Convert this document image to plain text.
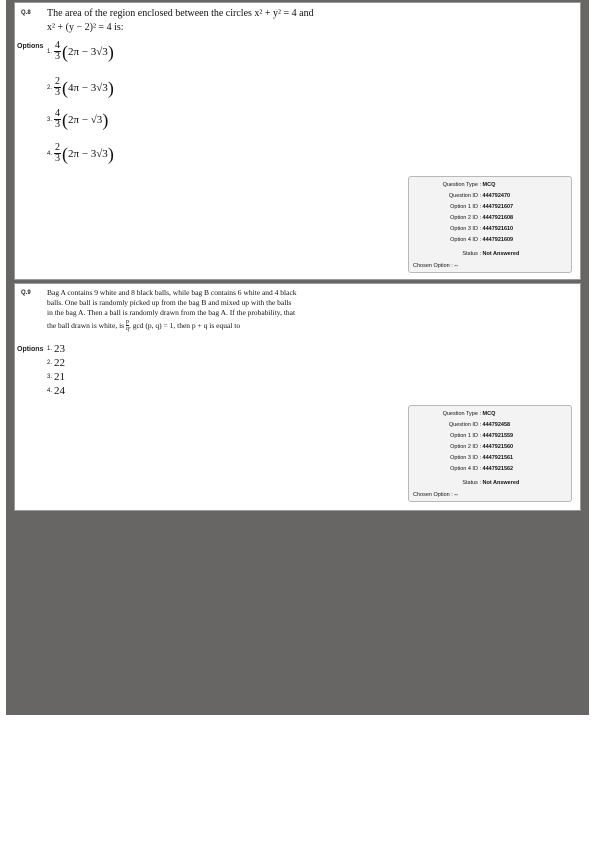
Q.8 The area of the region enclosed between the circles x² + y² = 4 and
x² + (y − 2)² = 4 is:
Options
1. $\frac{4}{3}$ ( 2π − 3√3 )
2. $\frac{2}{3}$ ( 4π − 3√3 )
3. $\frac{4}{3}$ ( 2π − √3 )
4. $\frac{2}{3}$ ( 2π − 3√3 )
Question Type : MCQ
Question ID : 444792470
Option 1 ID : 4447921607
Option 2 ID : 4447921608
Option 3 ID : 4447921610
Option 4 ID : 4447921609
Status : Not Answered
Chosen Option : --
Q.9 Bag A contains 9 white and 8 black balls, while bag B contains 6 white and 4 black
balls. One ball is randomly picked up from the bag B and mixed up with the balls
in the bag A. Then a ball is randomly drawn from the bag A. If the probability, that
the ball drawn is white, is
p
q , gcd (p, q) = 1, then p + q is equal to
Options 1. 23
2. 22
3. 21
4. 24
Question Type : MCQ
Question ID : 444792458
Option 1 ID : 4447921559
Option 2 ID : 4447921560
Option 3 ID : 4447921561
Option 4 ID : 4447921562
Status : Not Answered
Chosen Option : --
